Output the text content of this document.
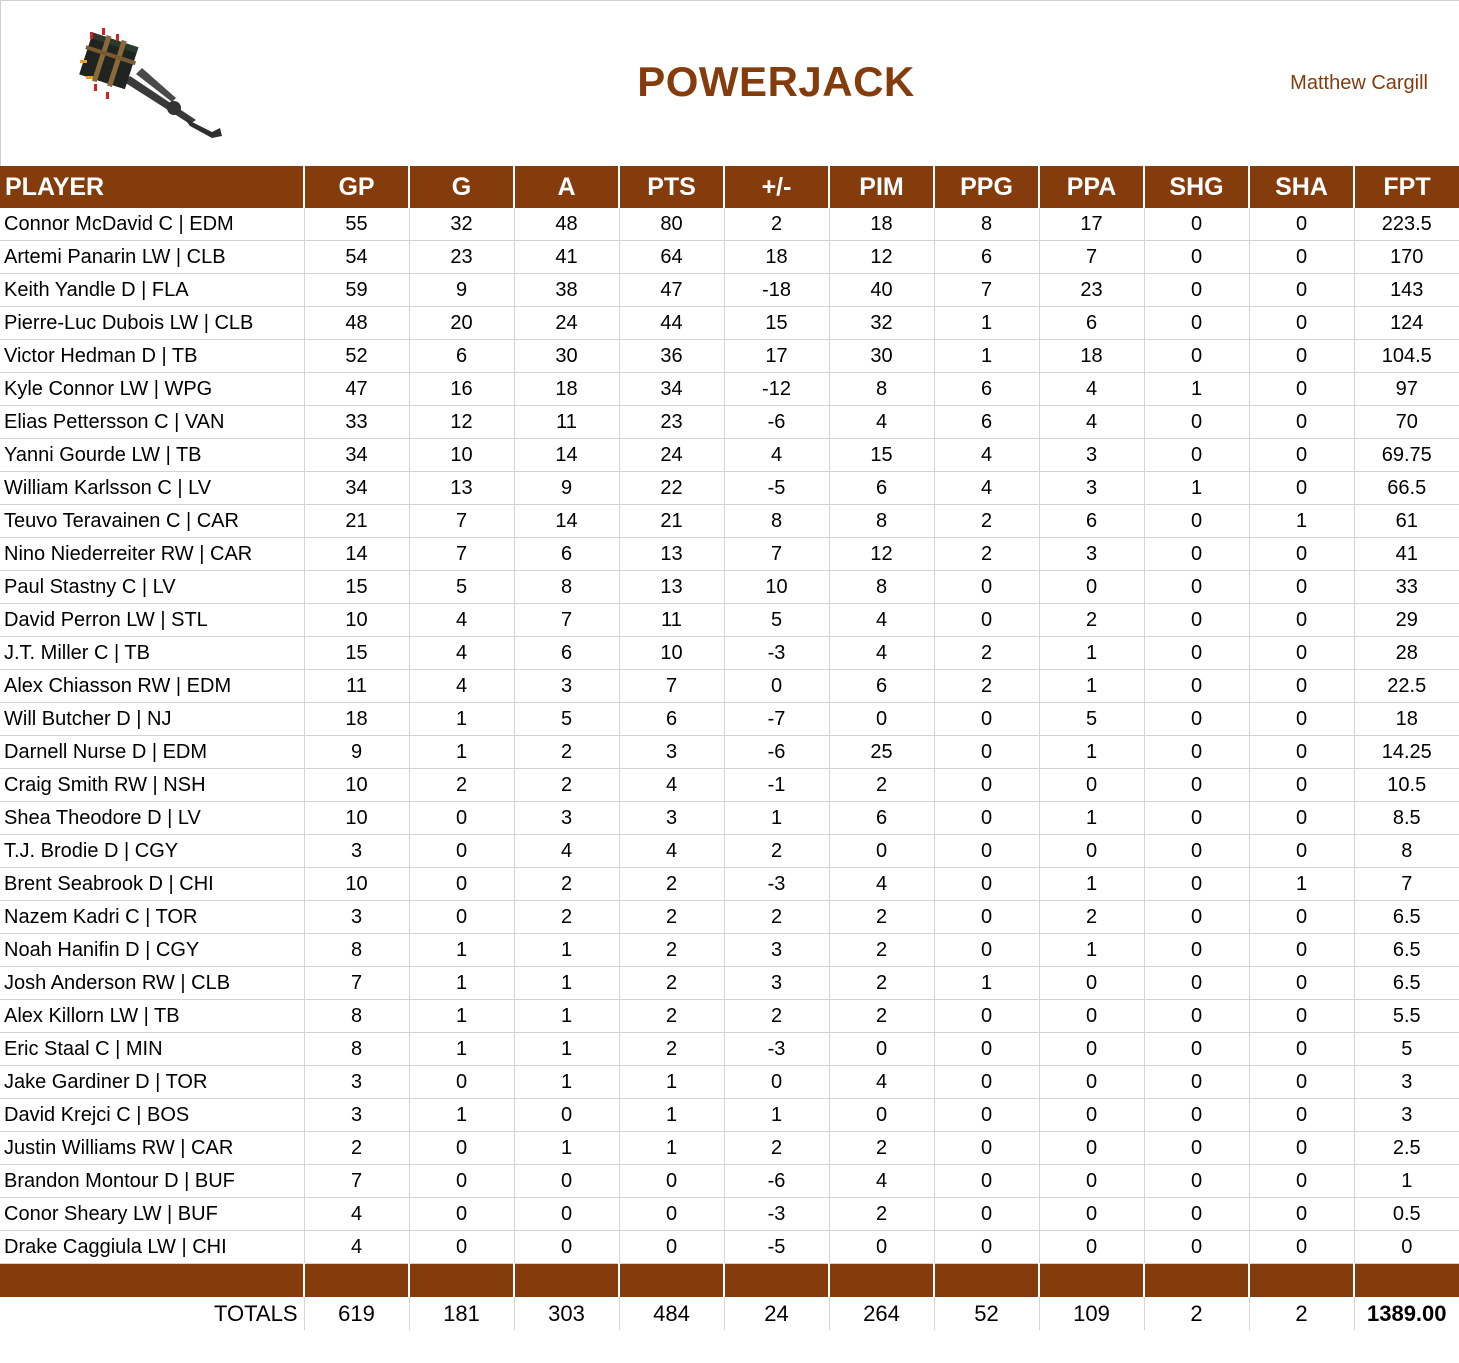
POWERJACK	Matthew Cargill
PLAYER	GP	G	A	PTS	+/-	PIM	PPG	PPA	SHG	SHA	FPT
Connor McDavid C | EDM	55	32	48	80	2	18	8	17	0	0	223.5
Artemi Panarin LW | CLB	54	23	41	64	18	12	6	7	0	0	170
Keith Yandle D | FLA	59	9	38	47	-18	40	7	23	0	0	143
Pierre-Luc Dubois LW | CLB	48	20	24	44	15	32	1	6	0	0	124
Victor Hedman D | TB	52	6	30	36	17	30	1	18	0	0	104.5
Kyle Connor LW | WPG	47	16	18	34	-12	8	6	4	1	0	97
Elias Pettersson C | VAN	33	12	11	23	-6	4	6	4	0	0	70
Yanni Gourde LW | TB	34	10	14	24	4	15	4	3	0	0	69.75
William Karlsson C | LV	34	13	9	22	-5	6	4	3	1	0	66.5
Teuvo Teravainen C | CAR	21	7	14	21	8	8	2	6	0	1	61
Nino Niederreiter RW | CAR	14	7	6	13	7	12	2	3	0	0	41
Paul Stastny C | LV	15	5	8	13	10	8	0	0	0	0	33
David Perron LW | STL	10	4	7	11	5	4	0	2	0	0	29
J.T. Miller C | TB	15	4	6	10	-3	4	2	1	0	0	28
Alex Chiasson RW | EDM	11	4	3	7	0	6	2	1	0	0	22.5
Will Butcher D | NJ	18	1	5	6	-7	0	0	5	0	0	18
Darnell Nurse D | EDM	9	1	2	3	-6	25	0	1	0	0	14.25
Craig Smith RW | NSH	10	2	2	4	-1	2	0	0	0	0	10.5
Shea Theodore D | LV	10	0	3	3	1	6	0	1	0	0	8.5
T.J. Brodie D | CGY	3	0	4	4	2	0	0	0	0	0	8
Brent Seabrook D | CHI	10	0	2	2	-3	4	0	1	0	1	7
Nazem Kadri C | TOR	3	0	2	2	2	2	0	2	0	0	6.5
Noah Hanifin D | CGY	8	1	1	2	3	2	0	1	0	0	6.5
Josh Anderson RW | CLB	7	1	1	2	3	2	1	0	0	0	6.5
Alex Killorn LW | TB	8	1	1	2	2	2	0	0	0	0	5.5
Eric Staal C | MIN	8	1	1	2	-3	0	0	0	0	0	5
Jake Gardiner D | TOR	3	0	1	1	0	4	0	0	0	0	3
David Krejci C | BOS	3	1	0	1	1	0	0	0	0	0	3
Justin Williams RW | CAR	2	0	1	1	2	2	0	0	0	0	2.5
Brandon Montour D | BUF	7	0	0	0	-6	4	0	0	0	0	1
Conor Sheary LW | BUF	4	0	0	0	-3	2	0	0	0	0	0.5
Drake Caggiula LW | CHI	4	0	0	0	-5	0	0	0	0	0	0

TOTALS	619	181	303	484	24	264	52	109	2	2	1389.00
